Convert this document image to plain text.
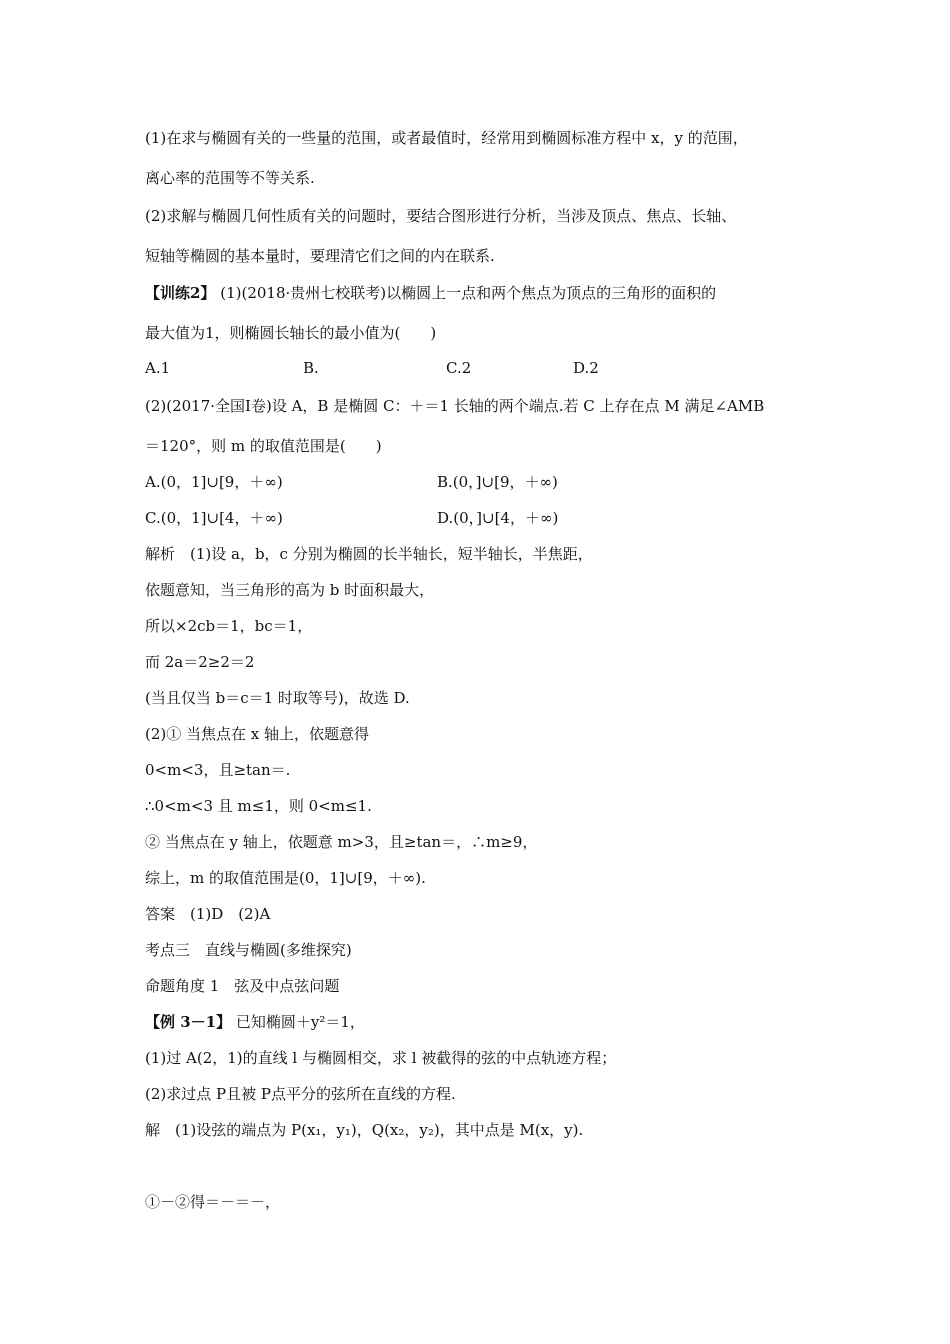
(1)在求与椭圆有关的一些量的范围，或者最值时，经常用到椭圆标准方程中 x，y 的范围，
离心率的范围等不等关系.
(2)求解与椭圆几何性质有关的问题时，要结合图形进行分析，当涉及顶点、焦点、长轴、
短轴等椭圆的基本量时，要理清它们之间的内在联系.
【训练2】 (1)(2018·贵州七校联考)以椭圆上一点和两个焦点为顶点的三角形的面积的
最大值为1，则椭圆长轴长的最小值为(　　)
A.1	B.	C.2	D.2
(2)(2017·全国Ⅰ卷)设 A，B 是椭圆 C：＋＝1 长轴的两个端点.若 C 上存在点 M 满足∠AMB
＝120°，则 m 的取值范围是(　　)
A.(0，1]∪[9，＋∞)	B.(0，]∪[9，＋∞)
C.(0，1]∪[4，＋∞)	D.(0，]∪[4，＋∞)
解析　(1)设 a，b，c 分别为椭圆的长半轴长，短半轴长，半焦距，
依题意知，当三角形的高为 b 时面积最大，
所以×2cb＝1，bc＝1，
而 2a＝2≥2＝2
(当且仅当 b＝c＝1 时取等号)，故选 D.
(2)① 当焦点在 x 轴上，依题意得
0<m<3，且≥tan＝.
∴0<m<3 且 m≤1，则 0<m≤1.
② 当焦点在 y 轴上，依题意 m>3，且≥tan＝，∴m≥9，
综上，m 的取值范围是(0，1]∪[9，＋∞).
答案　(1)D　(2)A
考点三　直线与椭圆(多维探究)
命题角度 1　弦及中点弦问题
【例 3－1】 已知椭圆＋y²＝1，
(1)过 A(2，1)的直线 l 与椭圆相交，求 l 被截得的弦的中点轨迹方程；
(2)求过点 P且被 P点平分的弦所在直线的方程.
解　(1)设弦的端点为 P(x₁，y₁)，Q(x₂，y₂)，其中点是 M(x，y).
①－②得＝－＝－，
